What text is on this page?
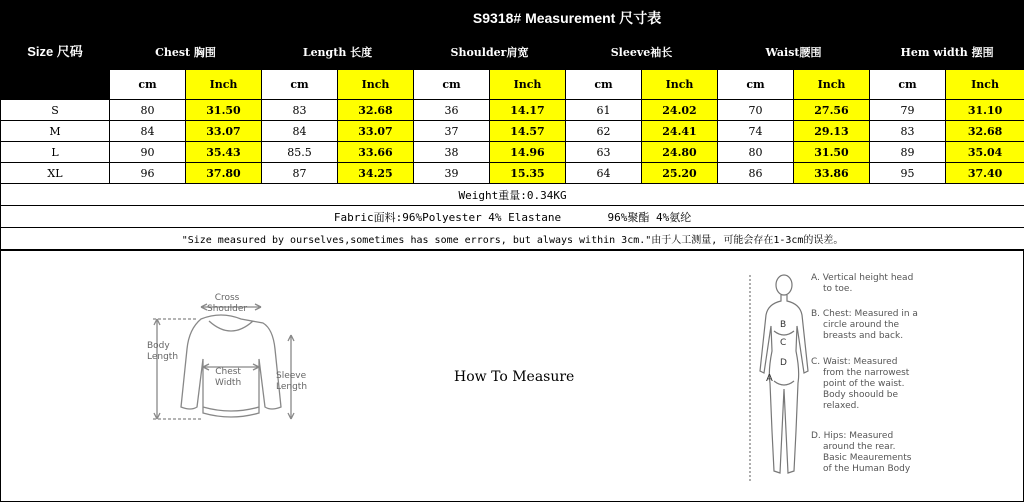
Size 尺码	S9318# Measurement 尺寸表											
	Chest 胸围		Length 长度		Shoulder肩宽		Sleeve袖长		Waist腰围		Hem width 摆围	
	cm	Inch	cm	Inch	cm	Inch	cm	Inch	cm	Inch	cm	Inch
S	80	31.50	83	32.68	36	14.17	61	24.02	70	27.56	79	31.10
M	84	33.07	84	33.07	37	14.57	62	24.41	74	29.13	83	32.68
L	90	35.43	85.5	33.66	38	14.96	63	24.80	80	31.50	89	35.04
XL	96	37.80	87	34.25	39	15.35	64	25.20	86	33.86	95	37.40
Weight重量:0.34KG												
Fabric面料:96%Polyester 4% Elastane       96%聚酯 4%氨纶												
"Size measured by ourselves,sometimes has some errors, but always within 3cm."由于人工测量, 可能会存在1-3cm的误差。												
Cross
Shoulder
Body
Length
Chest
Width
Sleeve
Length
How To Measure	A
B
C
D
A. Vertical height head
to toe.
B. Chest: Measured in a
circle around the
breasts and back.
C. Waist: Measured
from the narrowest
point of the waist.
Body shoould be
relaxed.
D. Hips: Measured
around the rear.
Basic Meaurements
of the Human Body
